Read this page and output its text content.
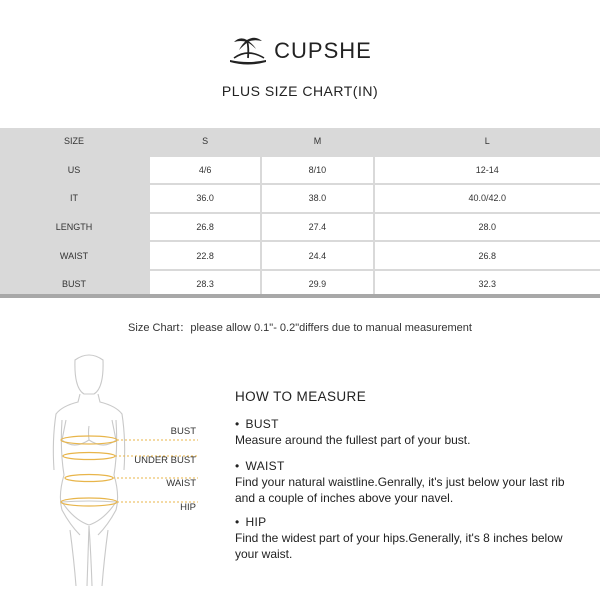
CUPSHE
PLUS SIZE CHART(IN)
SIZE	S	M	L
US	4/6	8/10	12-14
IT	36.0	38.0	40.0/42.0
LENGTH	26.8	27.4	28.0
WAIST	22.8	24.4	26.8
BUST	28.3	29.9	32.3
Size Chart：please allow 0.1"- 0.2"differs due to manual measurement
BUST
UNDER BUST
WAIST
HIP
HOW TO MEASURE
• BUST
Measure around the fullest part of your bust.
• WAIST
Find your natural waistline.Genrally, it's just below your last rib and a couple of inches above your navel.
• HIP
Find the widest part of your hips.Generally, it's 8 inches below your waist.
